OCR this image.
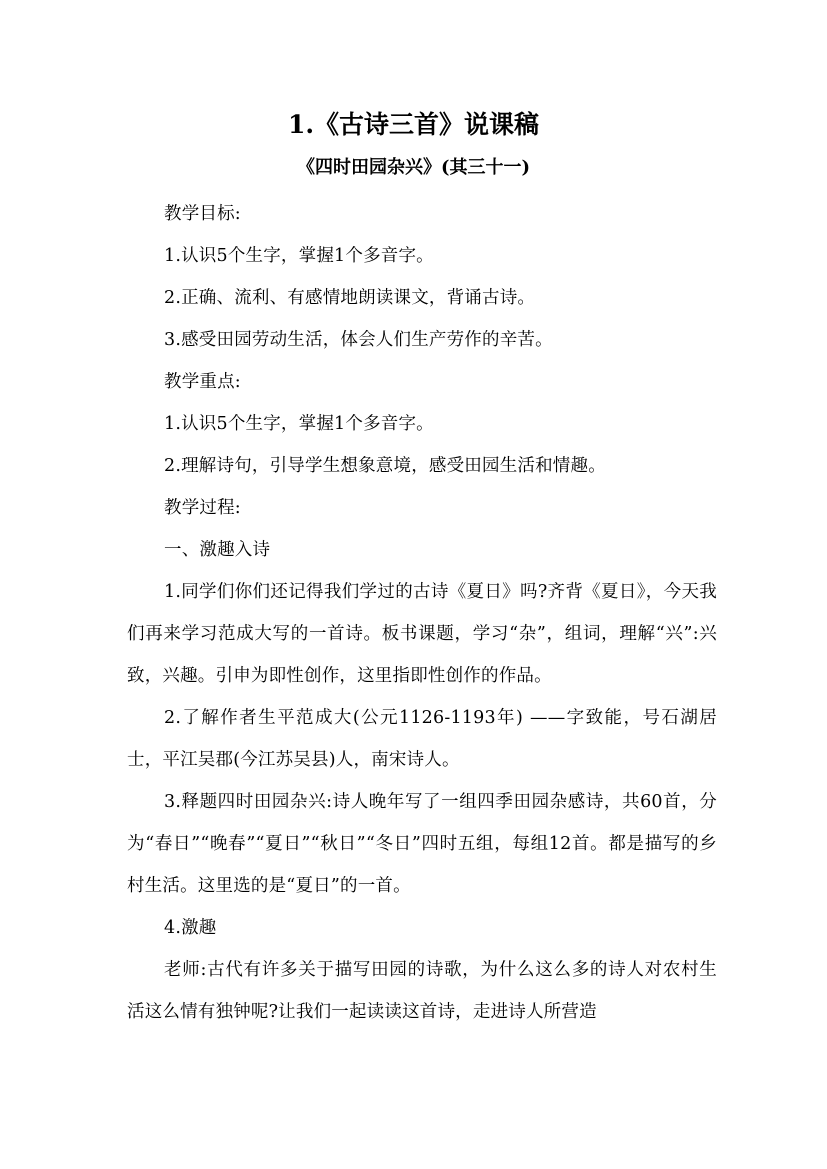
1.《古诗三首》说课稿
《四时田园杂兴》(其三十一)

教学目标:

1.认识5个生字，掌握1个多音字。

2.正确、流利、有感情地朗读课文，背诵古诗。

3.感受田园劳动生活，体会人们生产劳作的辛苦。

教学重点:

1.认识5个生字，掌握1个多音字。

2.理解诗句，引导学生想象意境，感受田园生活和情趣。

教学过程:

一、激趣入诗

1.同学们你们还记得我们学过的古诗《夏日》吗?齐背《夏日》，今天我们再来学习范成大写的一首诗。板书课题，学习“杂”，组词，理解“兴”:兴致，兴趣。引申为即性创作，这里指即性创作的作品。

2.了解作者生平范成大(公元1126-1193年) ——字致能，号石湖居士，平江吴郡(今江苏吴县)人，南宋诗人。

3.释题四时田园杂兴:诗人晚年写了一组四季田园杂感诗，共60首，分为“春日”“晚春”“夏日”“秋日”“冬日”四时五组，每组12首。都是描写的乡村生活。这里选的是“夏日”的一首。

4.激趣

老师:古代有许多关于描写田园的诗歌，为什么这么多的诗人对农村生活这么情有独钟呢?让我们一起读读这首诗，走进诗人所营造
